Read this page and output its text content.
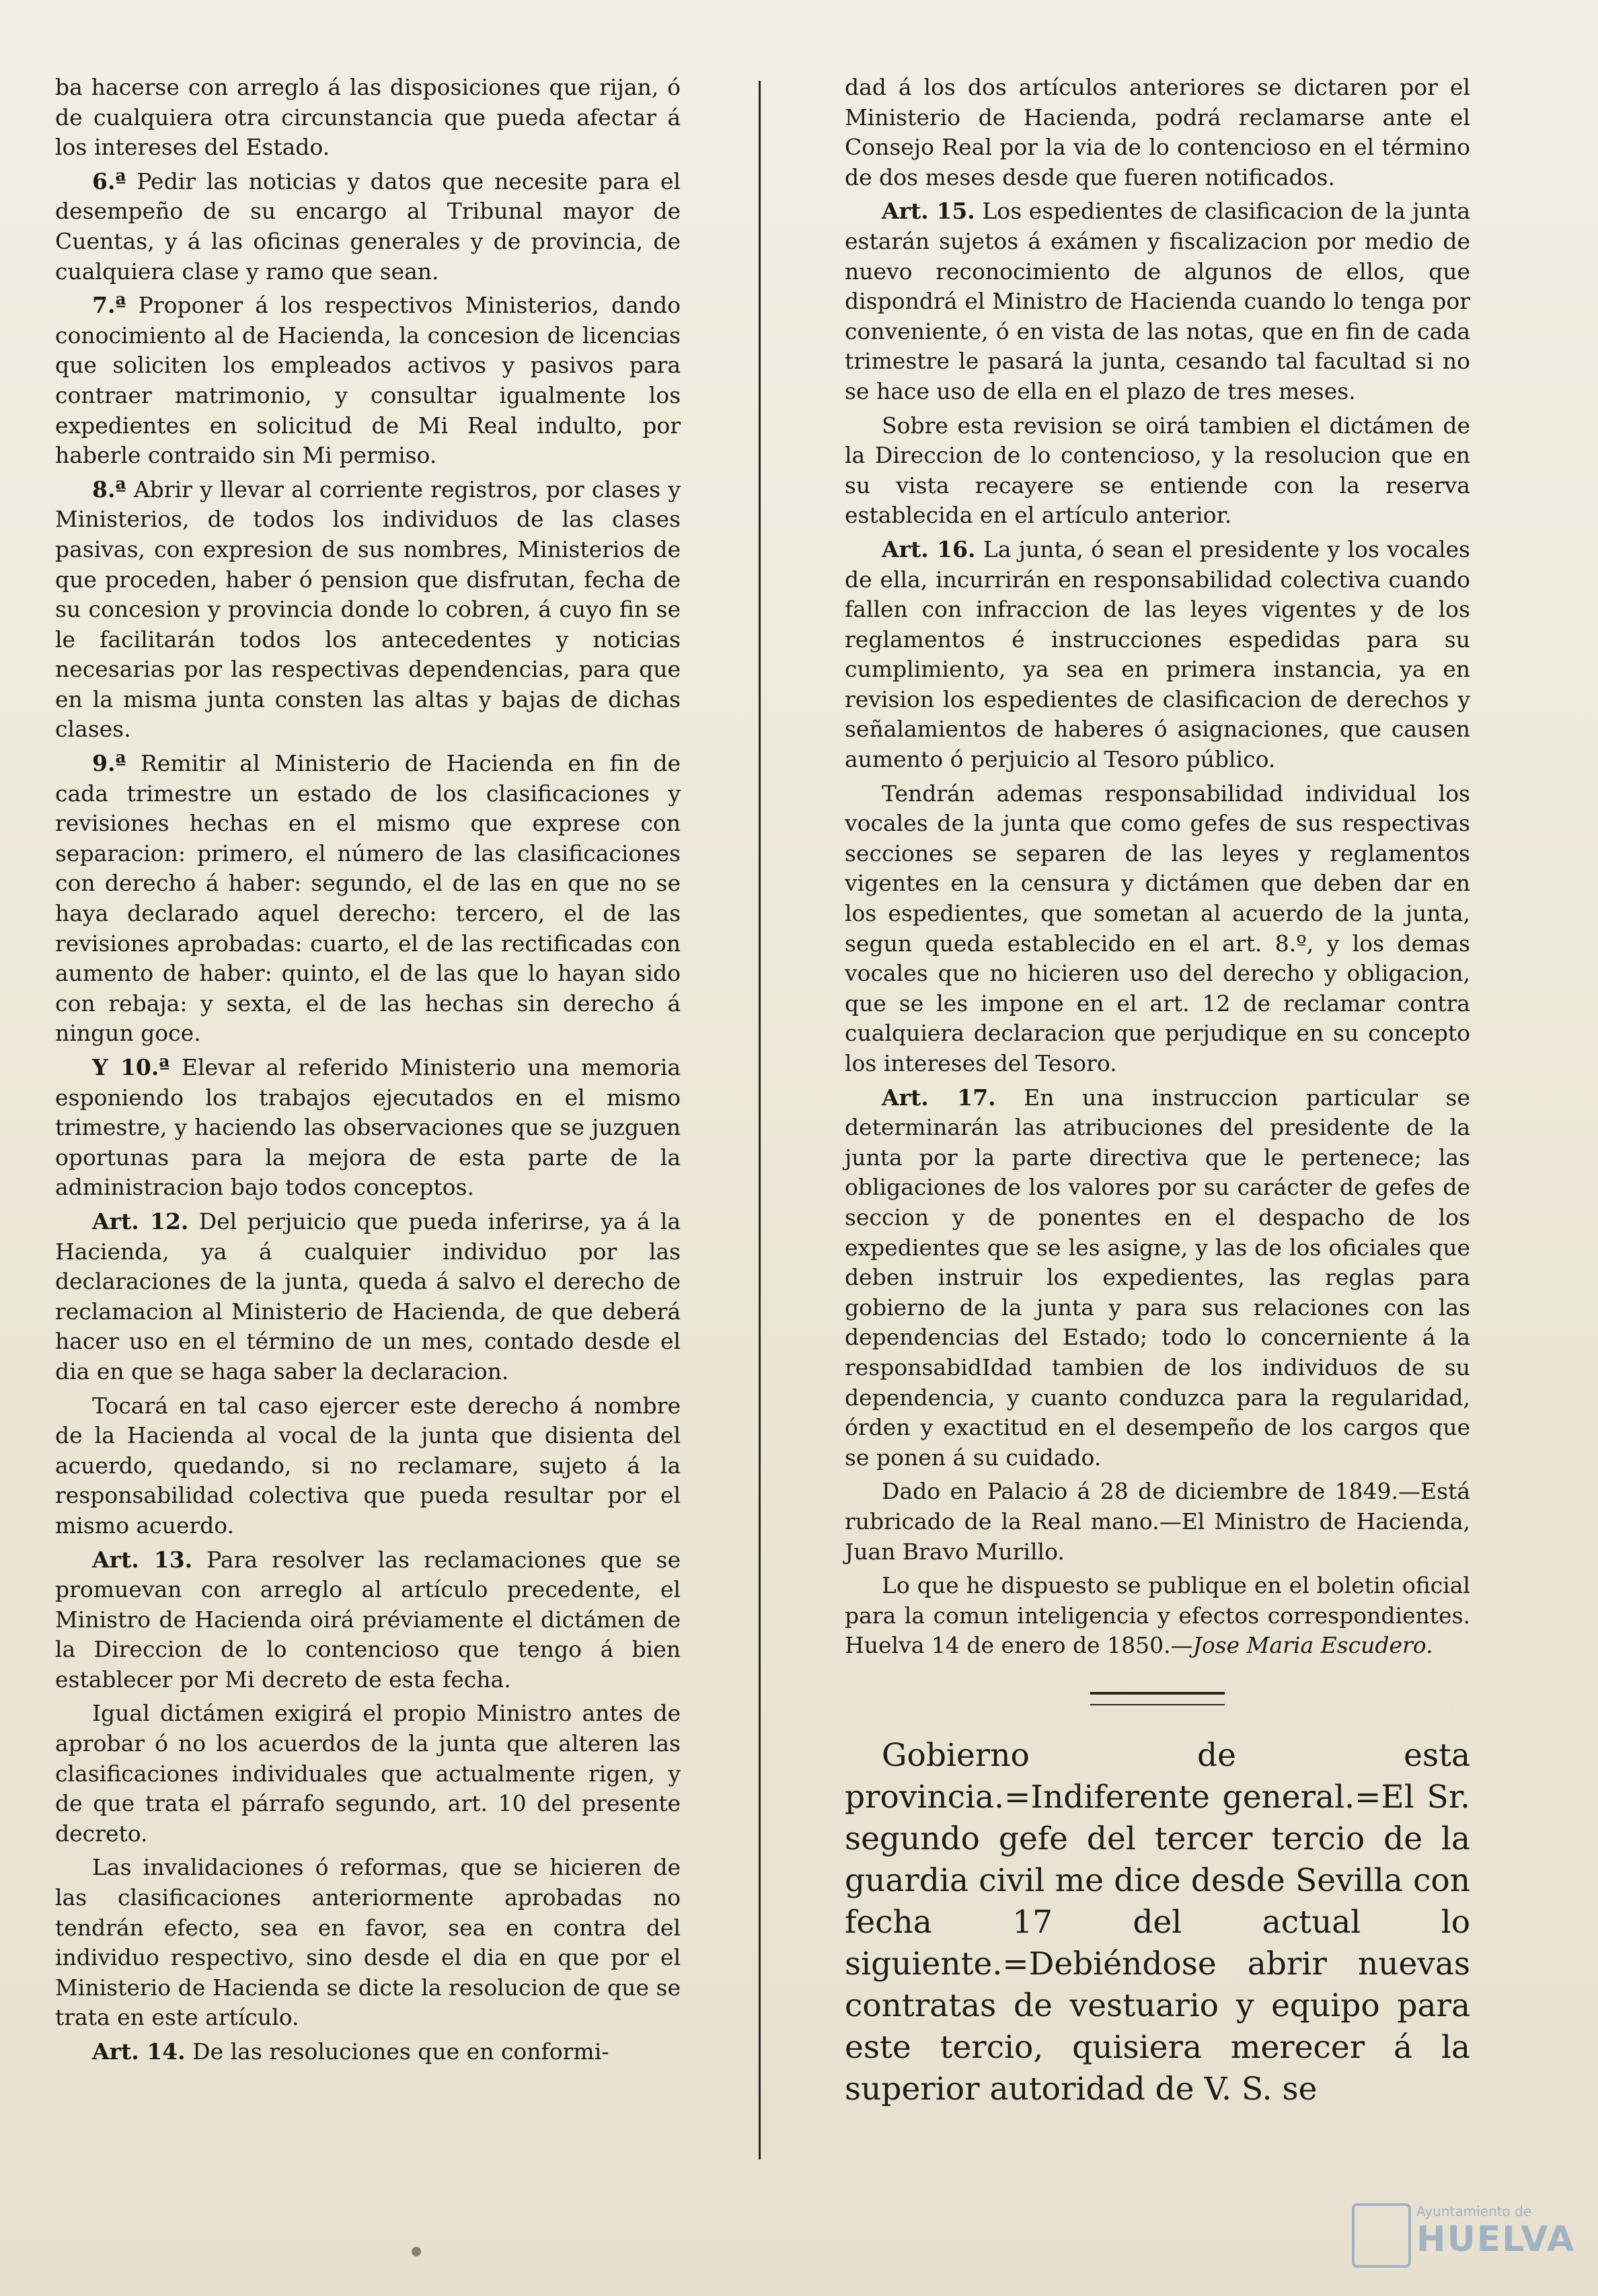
ba hacerse con arreglo á las disposiciones que rijan, ó de cualquiera otra circunstancia que pueda afectar á los intereses del Estado.

6.ª Pedir las noticias y datos que necesite para el desempeño de su encargo al Tribunal mayor de Cuentas, y á las oficinas generales y de provincia, de cualquiera clase y ramo que sean.

7.ª Proponer á los respectivos Ministerios, dando conocimiento al de Hacienda, la concesion de licencias que soliciten los empleados activos y pasivos para contraer matrimonio, y consultar igualmente los expedientes en solicitud de Mi Real indulto, por haberle contraido sin Mi permiso.

8.ª Abrir y llevar al corriente registros, por clases y Ministerios, de todos los individuos de las clases pasivas, con expresion de sus nombres, Ministerios de que proceden, haber ó pension que disfrutan, fecha de su concesion y provincia donde lo cobren, á cuyo fin se le facilitarán todos los antecedentes y noticias necesarias por las respectivas dependencias, para que en la misma junta consten las altas y bajas de dichas clases.

9.ª Remitir al Ministerio de Hacienda en fin de cada trimestre un estado de los clasificaciones y revisiones hechas en el mismo que exprese con separacion: primero, el número de las clasificaciones con derecho á haber: segundo, el de las en que no se haya declarado aquel derecho: tercero, el de las revisiones aprobadas: cuarto, el de las rectificadas con aumento de haber: quinto, el de las que lo hayan sido con rebaja: y sexta, el de las hechas sin derecho á ningun goce.

Y 10.ª Elevar al referido Ministerio una memoria esponiendo los trabajos ejecutados en el mismo trimestre, y haciendo las observaciones que se juzguen oportunas para la mejora de esta parte de la administracion bajo todos conceptos.

Art. 12. Del perjuicio que pueda inferirse, ya á la Hacienda, ya á cualquier individuo por las declaraciones de la junta, queda á salvo el derecho de reclamacion al Ministerio de Hacienda, de que deberá hacer uso en el término de un mes, contado desde el dia en que se haga saber la declaracion.

Tocará en tal caso ejercer este derecho á nombre de la Hacienda al vocal de la junta que disienta del acuerdo, quedando, si no reclamare, sujeto á la responsabilidad colectiva que pueda resultar por el mismo acuerdo.

Art. 13. Para resolver las reclamaciones que se promuevan con arreglo al artículo precedente, el Ministro de Hacienda oirá préviamente el dictámen de la Direccion de lo contencioso que tengo á bien establecer por Mi decreto de esta fecha.

Igual dictámen exigirá el propio Ministro antes de aprobar ó no los acuerdos de la junta que alteren las clasificaciones individuales que actualmente rigen, y de que trata el párrafo segundo, art. 10 del presente decreto.

Las invalidaciones ó reformas, que se hicieren de las clasificaciones anteriormente aprobadas no tendrán efecto, sea en favor, sea en contra del individuo respectivo, sino desde el dia en que por el Ministerio de Hacienda se dicte la resolucion de que se trata en este artículo.

Art. 14. De las resoluciones que en conformi-

dad á los dos artículos anteriores se dictaren por el Ministerio de Hacienda, podrá reclamarse ante el Consejo Real por la via de lo contencioso en el término de dos meses desde que fueren notificados.

Art. 15. Los espedientes de clasificacion de la junta estarán sujetos á exámen y fiscalizacion por medio de nuevo reconocimiento de algunos de ellos, que dispondrá el Ministro de Hacienda cuando lo tenga por conveniente, ó en vista de las notas, que en fin de cada trimestre le pasará la junta, cesando tal facultad si no se hace uso de ella en el plazo de tres meses.

Sobre esta revision se oirá tambien el dictámen de la Direccion de lo contencioso, y la resolucion que en su vista recayere se entiende con la reserva establecida en el artículo anterior.

Art. 16. La junta, ó sean el presidente y los vocales de ella, incurrirán en responsabilidad colectiva cuando fallen con infraccion de las leyes vigentes y de los reglamentos é instrucciones espedidas para su cumplimiento, ya sea en primera instancia, ya en revision los espedientes de clasificacion de derechos y señalamientos de haberes ó asignaciones, que causen aumento ó perjuicio al Tesoro público.

Tendrán ademas responsabilidad individual los vocales de la junta que como gefes de sus respectivas secciones se separen de las leyes y reglamentos vigentes en la censura y dictámen que deben dar en los espedientes, que sometan al acuerdo de la junta, segun queda establecido en el art. 8.º, y los demas vocales que no hicieren uso del derecho y obligacion, que se les impone en el art. 12 de reclamar contra cualquiera declaracion que perjudique en su concepto los intereses del Tesoro.

Art. 17. En una instruccion particular se determinarán las atribuciones del presidente de la junta por la parte directiva que le pertenece; las obligaciones de los valores por su carácter de gefes de seccion y de ponentes en el despacho de los expedientes que se les asigne, y las de los oficiales que deben instruir los expedientes, las reglas para gobierno de la junta y para sus relaciones con las dependencias del Estado; todo lo concerniente á la responsabidIdad tambien de los individuos de su dependencia, y cuanto conduzca para la regularidad, órden y exactitud en el desempeño de los cargos que se ponen á su cuidado.

Dado en Palacio á 28 de diciembre de 1849.—Está rubricado de la Real mano.—El Ministro de Hacienda, Juan Bravo Murillo.

Lo que he dispuesto se publique en el boletin oficial para la comun inteligencia y efectos correspondientes. Huelva 14 de enero de 1850.—Jose Maria Escudero.

Gobierno de esta provincia.=Indiferente general.=El Sr. segundo gefe del tercer tercio de la guardia civil me dice desde Sevilla con fecha 17 del actual lo siguiente.=Debiéndose abrir nuevas contratas de vestuario y equipo para este tercio, quisiera merecer á la superior autoridad de V. S. se

Ayuntamiento de
HUELVA
